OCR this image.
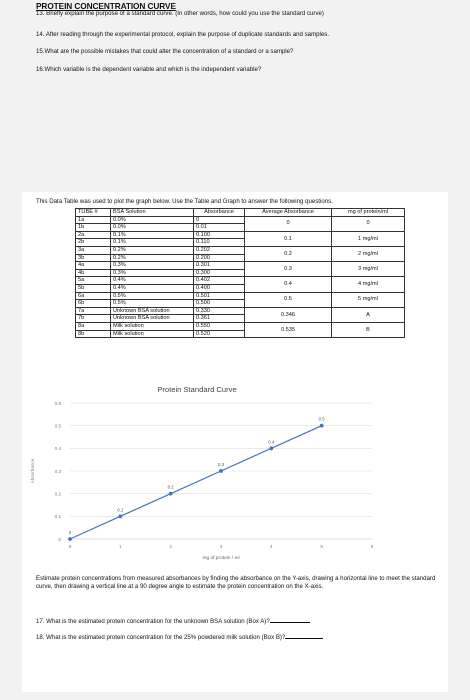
PROTEIN CONCENTRATION CURVE
13. Briefly explain the purpose of a standard curve. (In other words, how could you use the standard curve)
14. After reading through the experimental protocol, explain the purpose of duplicate standards and samples.
15.What are the possible mistakes that could alter the concentration of a standard or a sample?
16.Which variable is the dependent variable and which is the independent variable?
This Data Table was used to plot the graph below. Use the Table and Graph to answer the following questions.
TUBE #	BSA Solution	Absorbance	Average Absorbance	mg of protein/ml
1a	0.0%	0	0	0
1b	0.0%	0.01		
2a	0.1%	0.100	0.1	1 mg/ml
2b	0.1%	0.110		
3a	0.2%	0.202	0.2	2 mg/ml
3b	0.2%	0.200		
4a	0.3%	0.301	0.3	3 mg/ml
4b	0.3%	0.300		
5a	0.4%	0.402	0.4	4 mg/ml
5b	0.4%	0.400		
6a	0.5%	0.501	0.5	5 mg/ml
6b	0.5%	0.500		
7a	Unknown BSA solution	0.330	0.346	A
7b	Unknown BSA solution	0.361		
8a	Milk solution	0.550	0.535	B
8b	Milk solution	0.520		
Protein Standard Curve
0
0.1
0.2
0.3
0.4
0.5
0.6
0	1	2	3	4	5	6
Absorbance
mg of protein / ml
0
0.1
0.2
0.3
0.4
0.5
Estimate protein concentrations from measured absorbances by finding the absorbance on the Y-axis, drawing a horizontal line to meet the standard curve, then drawing a vertical line at a 90 degree angle to estimate the protein concentration on the X-axis.
17. What is the estimated protein concentration for the unknown BSA solution (Box A)?
18. What is the estimated protein concentration for the 25% powdered milk solution (Box B)?
